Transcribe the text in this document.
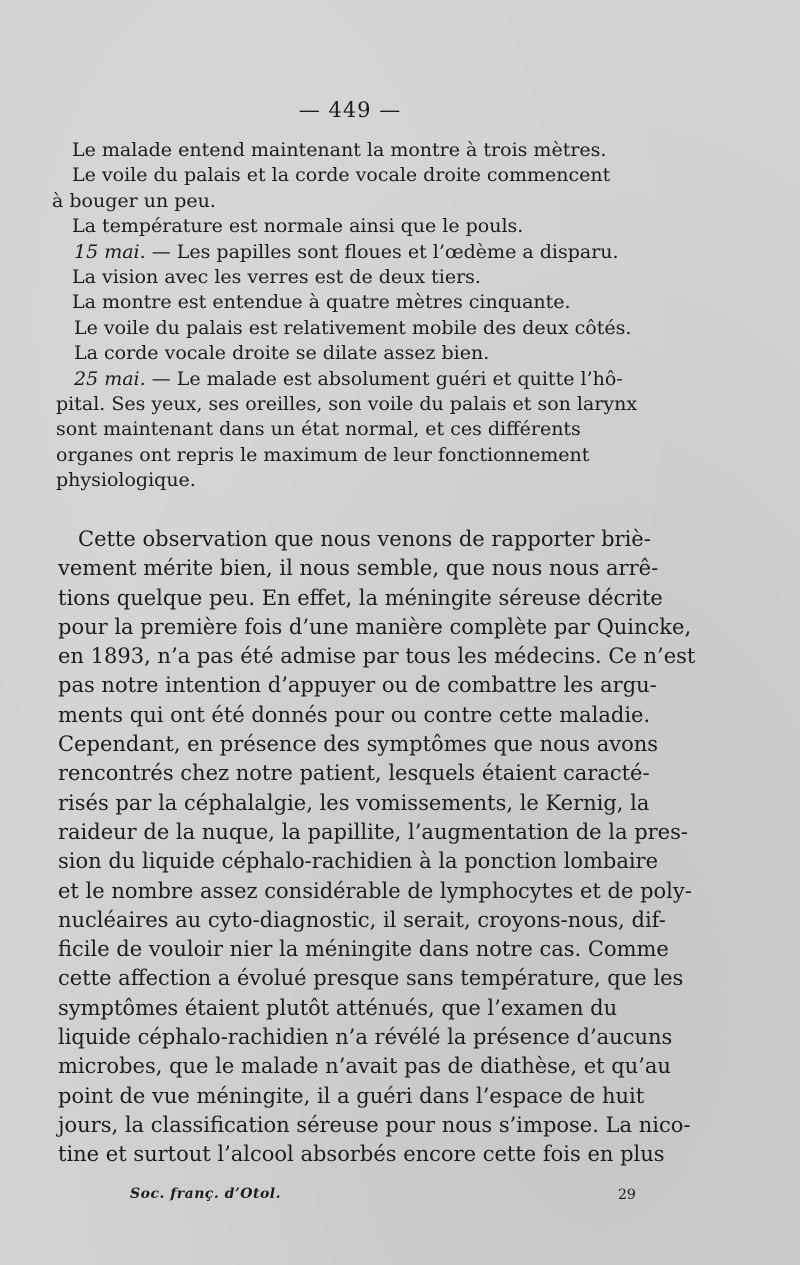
— 449 —
Le malade entend maintenant la montre à trois mètres.
Le voile du palais et la corde vocale droite commencent
à bouger un peu.
La température est normale ainsi que le pouls.
15 mai. — Les papilles sont floues et l’œdème a disparu.
La vision avec les verres est de deux tiers.
La montre est entendue à quatre mètres cinquante.
Le voile du palais est relativement mobile des deux côtés.
La corde vocale droite se dilate assez bien.
25 mai. — Le malade est absolument guéri et quitte l’hô-
pital. Ses yeux, ses oreilles, son voile du palais et son larynx
sont maintenant dans un état normal, et ces différents
organes ont repris le maximum de leur fonctionnement
physiologique.
Cette observation que nous venons de rapporter briè-
vement mérite bien, il nous semble, que nous nous arrê-
tions quelque peu. En effet, la méningite séreuse décrite
pour la première fois d’une manière complète par Quincke,
en 1893, n’a pas été admise par tous les médecins. Ce n’est
pas notre intention d’appuyer ou de combattre les argu-
ments qui ont été donnés pour ou contre cette maladie.
Cependant, en présence des symptômes que nous avons
rencontrés chez notre patient, lesquels étaient caracté-
risés par la céphalalgie, les vomissements, le Kernig, la
raideur de la nuque, la papillite, l’augmentation de la pres-
sion du liquide céphalo-rachidien à la ponction lombaire
et le nombre assez considérable de lymphocytes et de poly-
nucléaires au cyto-diagnostic, il serait, croyons-nous, dif-
ficile de vouloir nier la méningite dans notre cas. Comme
cette affection a évolué presque sans température, que les
symptômes étaient plutôt atténués, que l’examen du
liquide céphalo-rachidien n’a révélé la présence d’aucuns
microbes, que le malade n’avait pas de diathèse, et qu’au
point de vue méningite, il a guéri dans l’espace de huit
jours, la classification séreuse pour nous s’impose. La nico-
tine et surtout l’alcool absorbés encore cette fois en plus
Soc. franç. d’Otol.	29
